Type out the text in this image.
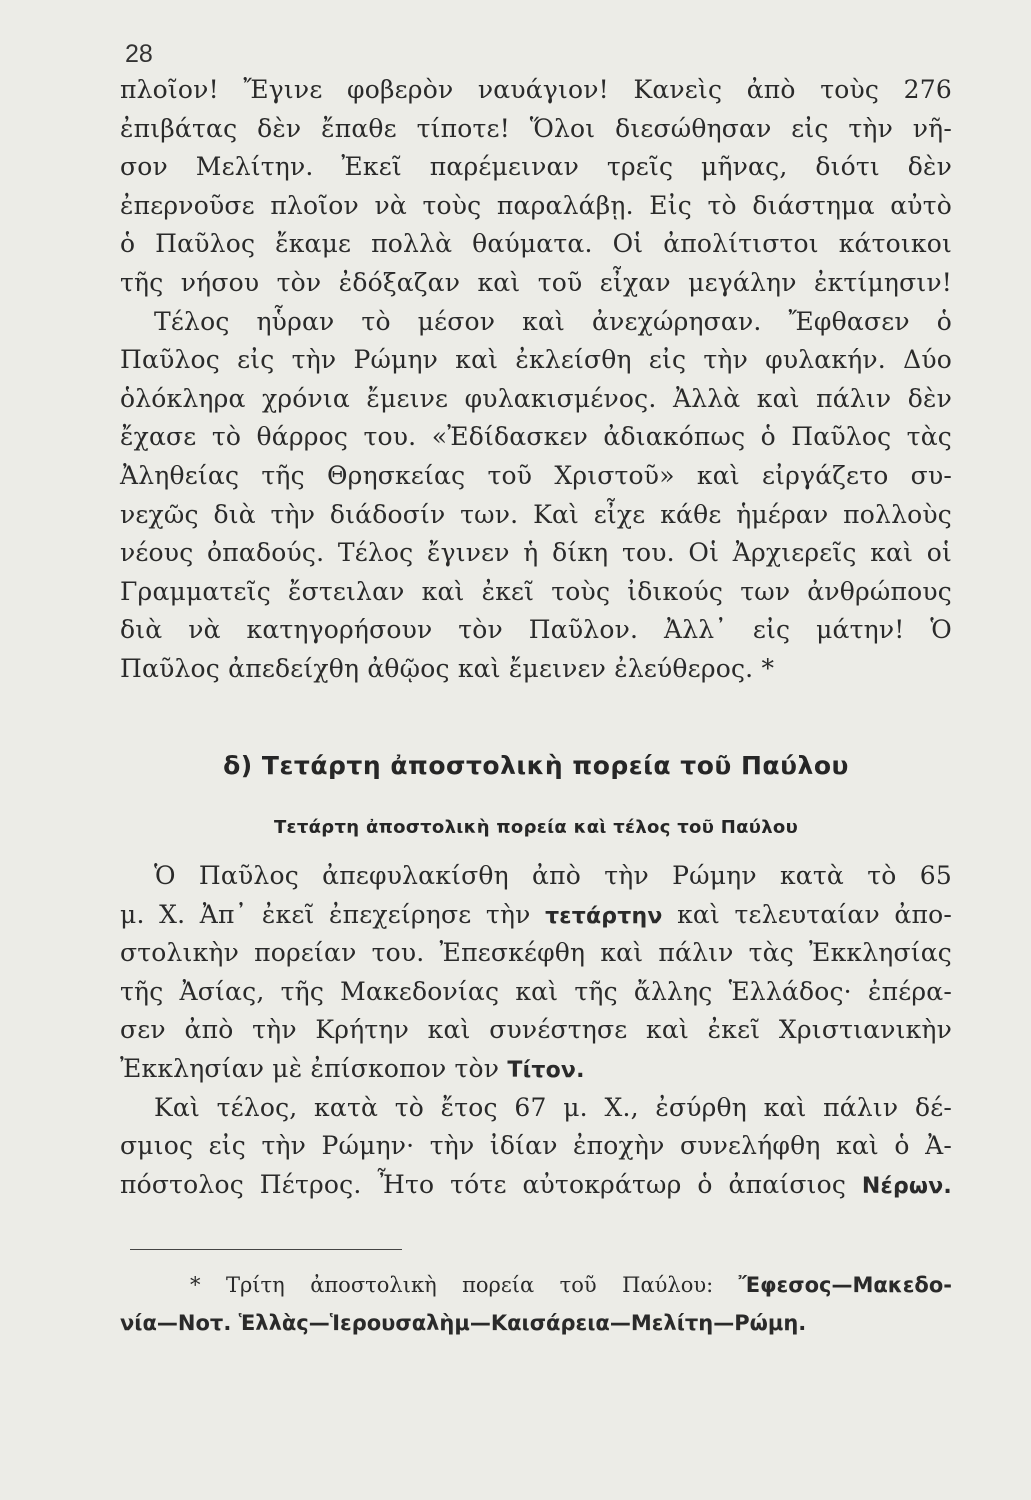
28
πλοῖον! Ἔγινε φοβερὸν ναυάγιον! Κανεὶς ἀπὸ τοὺς 276
ἐπιβάτας δὲν ἔπαθε τίποτε! Ὅλοι διεσώθησαν εἰς τὴν νῆ-
σον Μελίτην. Ἐκεῖ παρέμειναν τρεῖς μῆνας, διότι δὲν
ἐπερνοῦσε πλοῖον νὰ τοὺς παραλάβῃ. Εἰς τὸ διάστημα αὐτὸ
ὁ Παῦλος ἔκαμε πολλὰ θαύματα. Οἱ ἀπολίτιστοι κάτοικοι
τῆς νήσου τὸν ἐδόξαζαν καὶ τοῦ εἶχαν μεγάλην ἐκτίμησιν!
Τέλος ηὗραν τὸ μέσον καὶ ἀνεχώρησαν. Ἔφθασεν ὁ
Παῦλος εἰς τὴν Ρώμην καὶ ἐκλείσθη εἰς τὴν φυλακήν. Δύο
ὁλόκληρα χρόνια ἔμεινε φυλακισμένος. Ἀλλὰ καὶ πάλιν δὲν
ἔχασε τὸ θάρρος του. «Ἐδίδασκεν ἀδιακόπως ὁ Παῦλος τὰς
Ἀληθείας τῆς Θρησκείας τοῦ Χριστοῦ» καὶ εἰργάζετο συ-
νεχῶς διὰ τὴν διάδοσίν των. Καὶ εἶχε κάθε ἡμέραν πολλοὺς
νέους ὀπαδούς. Τέλος ἔγινεν ἡ δίκη του. Οἱ Ἀρχιερεῖς καὶ οἱ
Γραμματεῖς ἔστειλαν καὶ ἐκεῖ τοὺς ἰδικούς των ἀνθρώπους
διὰ νὰ κατηγορήσουν τὸν Παῦλον. Ἀλλ᾽ εἰς μάτην! Ὁ
Παῦλος ἀπεδείχθη ἀθῷος καὶ ἔμεινεν ἐλεύθερος. *
δ) Τετάρτη ἀποστολικὴ πορεία τοῦ Παύλου
Τετάρτη ἀποστολικὴ πορεία καὶ τέλος τοῦ Παύλου
Ὁ Παῦλος ἀπεφυλακίσθη ἀπὸ τὴν Ρώμην κατὰ τὸ 65
μ. Χ. Ἀπ᾽ ἐκεῖ ἐπεχείρησε τὴν τετάρτην καὶ τελευταίαν ἀπο-
στολικὴν πορείαν του. Ἐπεσκέφθη καὶ πάλιν τὰς Ἐκκλησίας
τῆς Ἀσίας, τῆς Μακεδονίας καὶ τῆς ἄλλης Ἑλλάδος· ἐπέρα-
σεν ἀπὸ τὴν Κρήτην καὶ συνέστησε καὶ ἐκεῖ Χριστιανικὴν
Ἐκκλησίαν μὲ ἐπίσκοπον τὸν Τίτον.
Καὶ τέλος, κατὰ τὸ ἔτος 67 μ. Χ., ἐσύρθη καὶ πάλιν δέ-
σμιος εἰς τὴν Ρώμην· τὴν ἰδίαν ἐποχὴν συνελήφθη καὶ ὁ Ἀ-
πόστολος Πέτρος. Ἦτο τότε αὐτοκράτωρ ὁ ἀπαίσιος Νέρων.
* Τρίτη ἀποστολικὴ πορεία τοῦ Παύλου: Ἔφεσος—Μακεδο-
νία—Νοτ. Ἑλλὰς—Ἱερουσαλὴμ—Καισάρεια—Μελίτη—Ρώμη.
